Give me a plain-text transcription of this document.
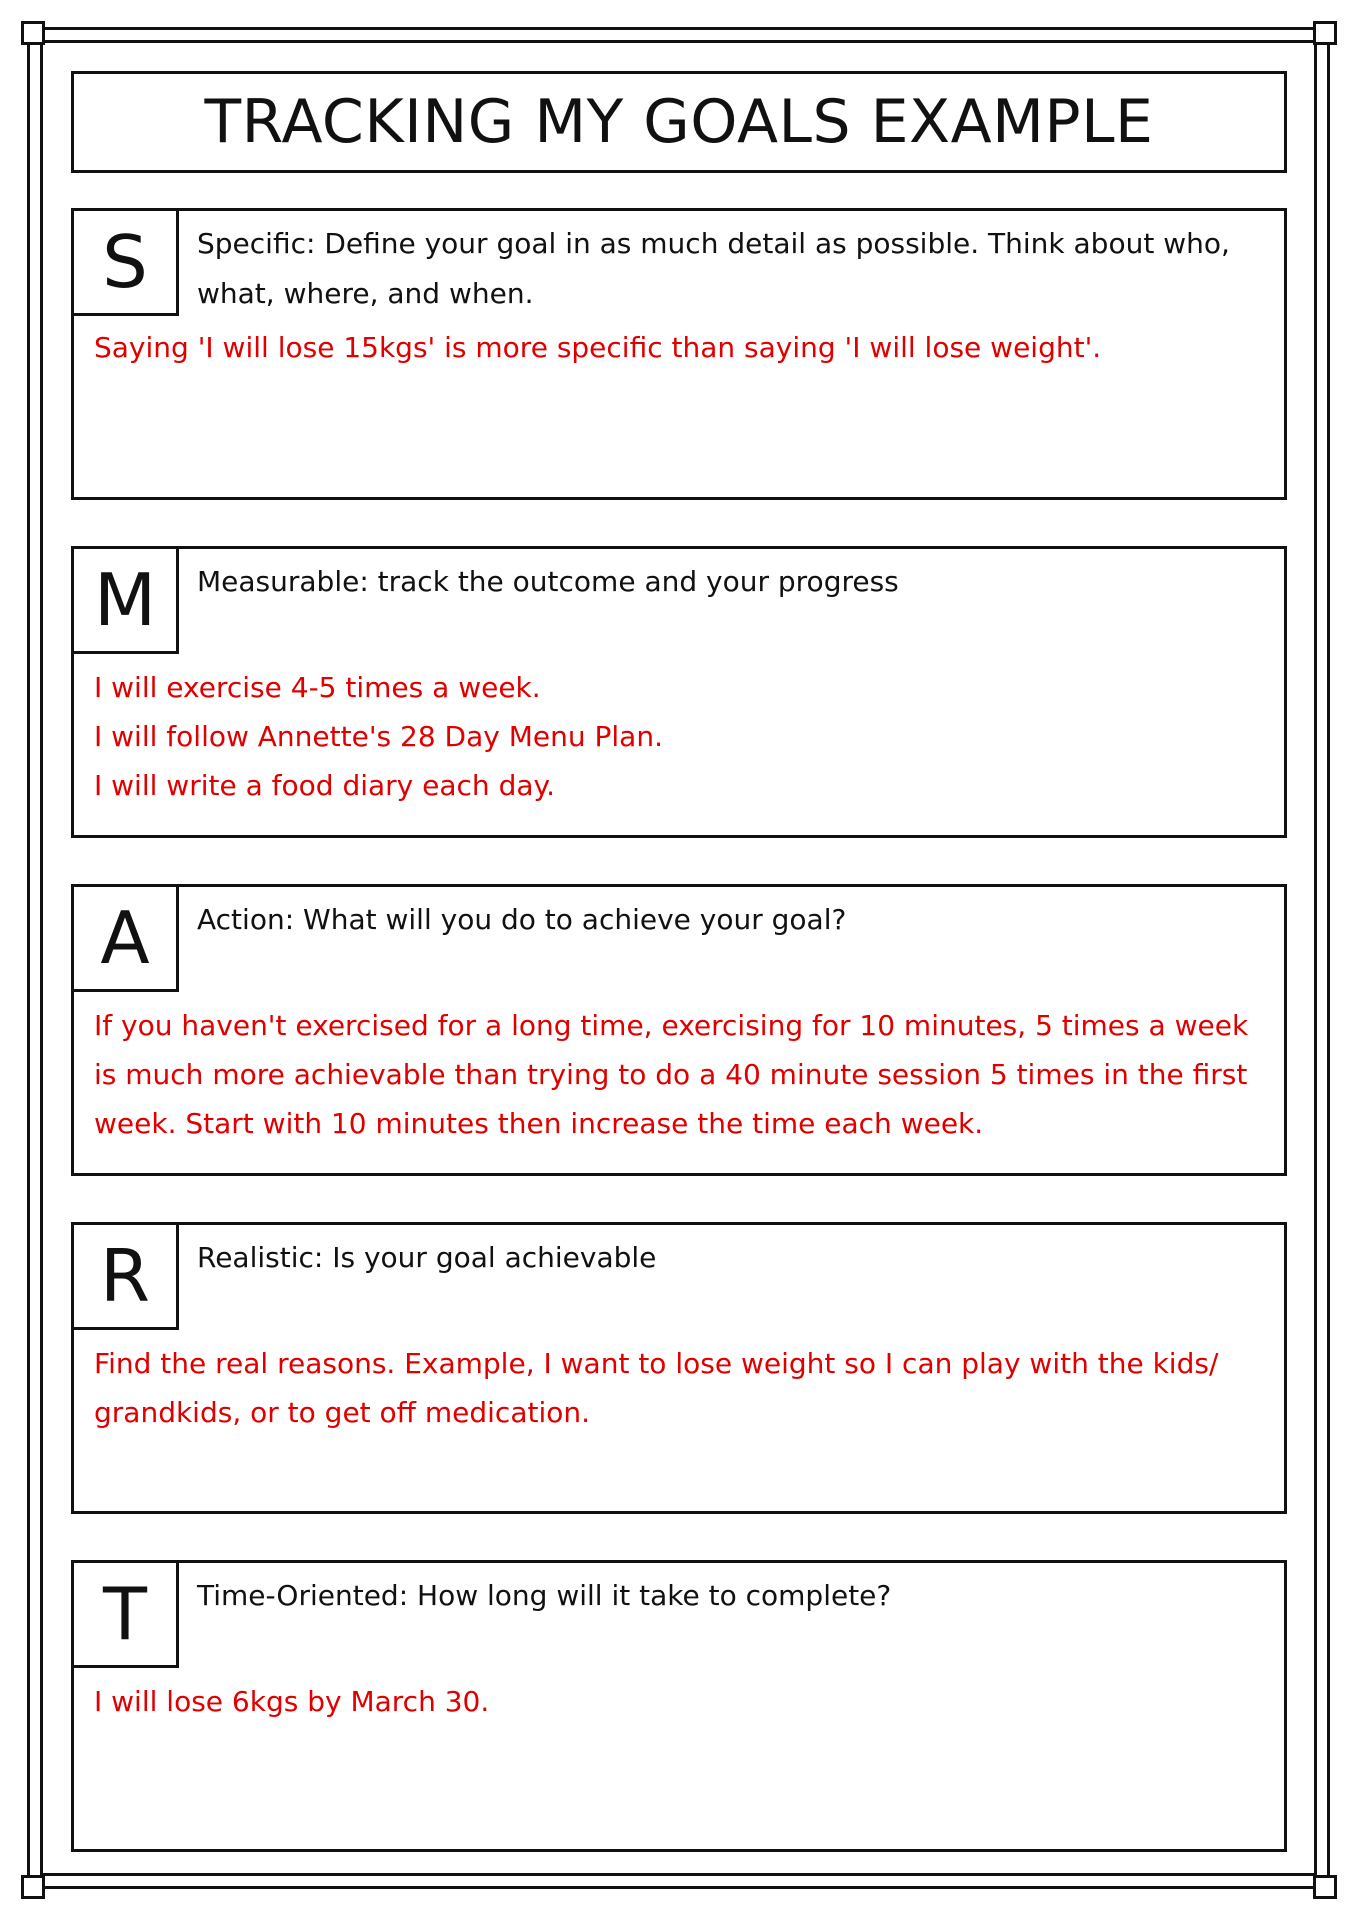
TRACKING MY GOALS EXAMPLE
S Specific: Define your goal in as much detail as possible. Think about who, what, where, and when.
Saying 'I will lose 15kgs' is more specific than saying 'I will lose weight'.
M Measurable: track the outcome and your progress
I will exercise 4-5 times a week.
I will follow Annette's 28 Day Menu Plan.
I will write a food diary each day.
A Action: What will you do to achieve your goal?
If you haven't exercised for a long time, exercising for 10 minutes, 5 times a week is much more achievable than trying to do a 40 minute session 5 times in the first week. Start with 10 minutes then increase the time each week.
R Realistic: Is your goal achievable
Find the real reasons. Example, I want to lose weight so I can play with the kids/ grandkids, or to get off medication.
T Time-Oriented: How long will it take to complete?
I will lose 6kgs by March 30.
